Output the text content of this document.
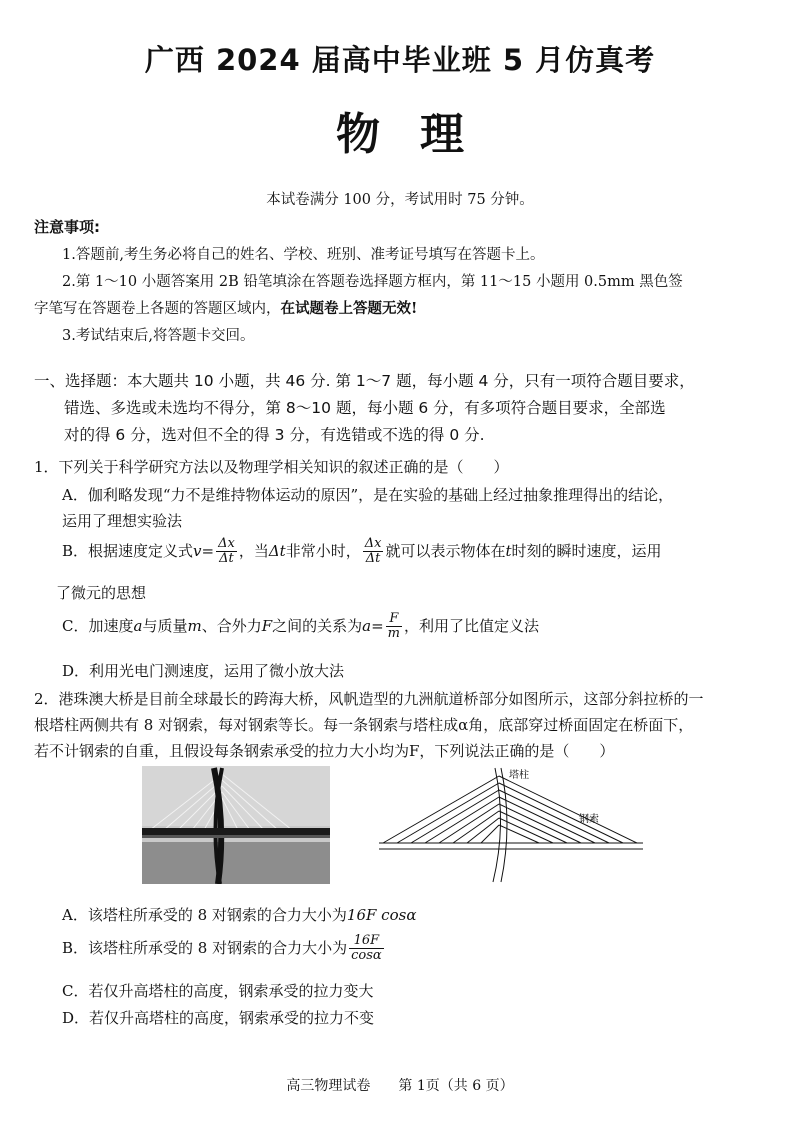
广西 2024 届高中毕业班 5 月仿真考
物理
本试卷满分 100 分，考试用时 75 分钟。
注意事项:
1.答题前,考生务必将自己的姓名、学校、班别、准考证号填写在答题卡上。
2.第 1～10 小题答案用 2B 铅笔填涂在答题卷选择题方框内，第 11～15 小题用 0.5mm 黑色签
字笔写在答题卷上各题的答题区域内，在试题卷上答题无效!
3.考试结束后,将答题卡交回。
一、选择题：本大题共 10 小题，共 46 分. 第 1～7 题，每小题 4 分，只有一项符合题目要求，
错选、多选或未选均不得分，第 8～10 题，每小题 6 分，有多项符合题目要求，全部选
对的得 6 分，选对但不全的得 3 分，有选错或不选的得 0 分.
1．下列关于科学研究方法以及物理学相关知识的叙述正确的是（　　）
A．伽利略发现“力不是维持物体运动的原因”，是在实验的基础上经过抽象推理得出的结论，
运用了理想实验法
B．根据速度定义式$v= \frac{\Delta x}{\Delta t}$ ，当Δt非常小时， $\frac{\Delta x}{\Delta t}$ 就可以表示物体在t时刻的瞬时速度，运用
了微元的思想
C．加速度a与质量m、合外力F之间的关系为$a= \frac{F}{m}$ ，利用了比值定义法
D．利用光电门测速度，运用了微小放大法
2．港珠澳大桥是目前全球最长的跨海大桥，风帆造型的九洲航道桥部分如图所示，这部分斜拉桥的一
根塔柱两侧共有 8 对钢索，每对钢索等长。每一条钢索与塔柱成α角，底部穿过桥面固定在桥面下，
若不计钢索的自重，且假设每条钢索承受的拉力大小均为F，下列说法正确的是（　　）
塔柱
钢索
A．该塔柱所承受的 8 对钢索的合力大小为16F cosα
B．该塔柱所承受的 8 对钢索的合力大小为 $\frac{16F}{\cos\alpha}$
C．若仅升高塔柱的高度，钢索承受的拉力变大
D．若仅升高塔柱的高度，钢索承受的拉力不变
高三物理试卷　　第 1页（共 6 页）
